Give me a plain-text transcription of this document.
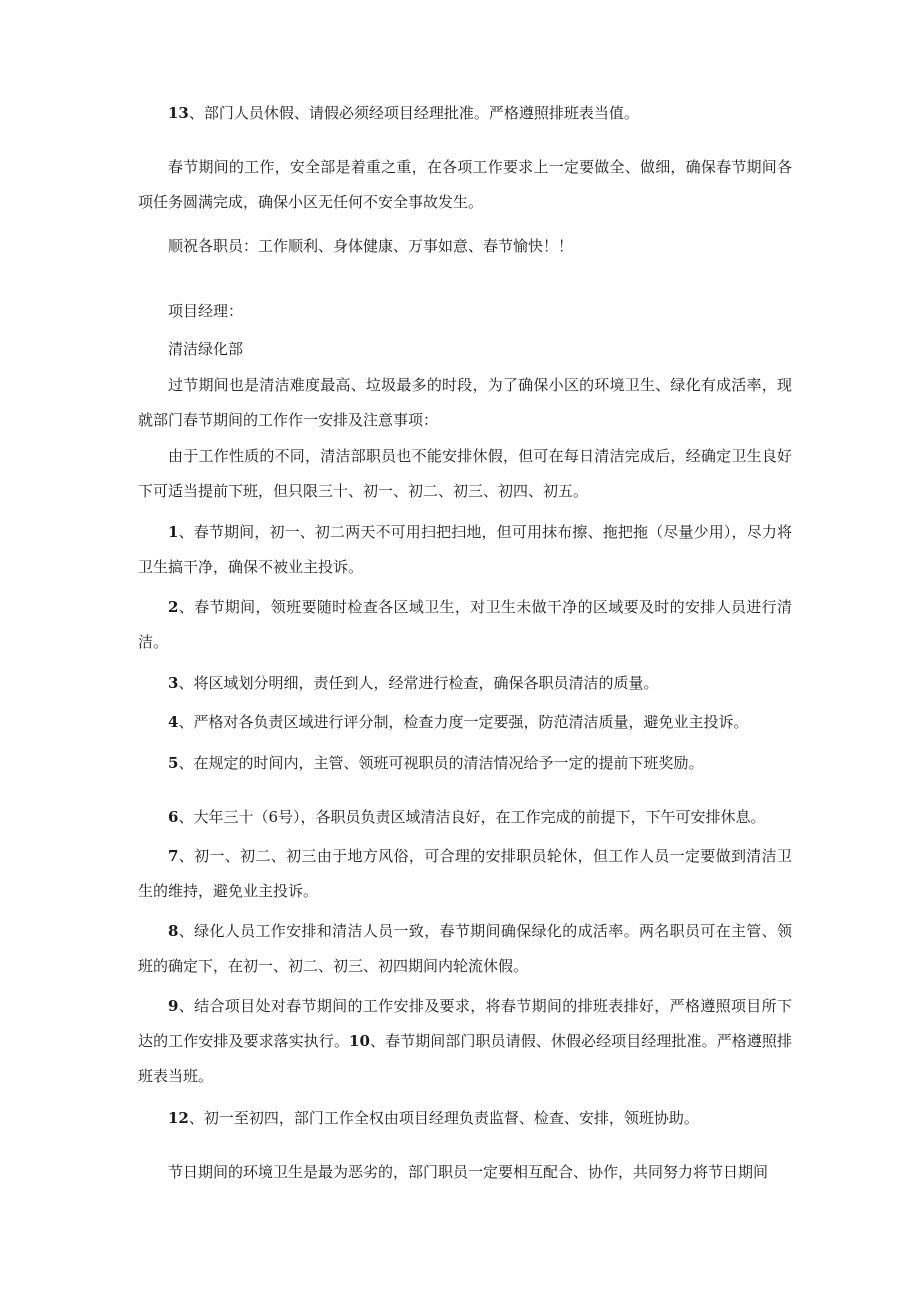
13、部门人员休假、请假必须经项目经理批准。严格遵照排班表当值。

春节期间的工作，安全部是着重之重，在各项工作要求上一定要做全、做细，确保春节期间各项任务圆满完成，确保小区无任何不安全事故发生。

顺祝各职员：工作顺利、身体健康、万事如意、春节愉快！！

项目经理：

清洁绿化部

过节期间也是清洁难度最高、垃圾最多的时段，为了确保小区的环境卫生、绿化有成活率，现就部门春节期间的工作作一安排及注意事项：

由于工作性质的不同，清洁部职员也不能安排休假，但可在每日清洁完成后，经确定卫生良好下可适当提前下班，但只限三十、初一、初二、初三、初四、初五。

1、春节期间，初一、初二两天不可用扫把扫地，但可用抹布擦、拖把拖（尽量少用），尽力将卫生搞干净，确保不被业主投诉。

2、春节期间，领班要随时检查各区域卫生，对卫生未做干净的区域要及时的安排人员进行清洁。

3、将区域划分明细，责任到人，经常进行检查，确保各职员清洁的质量。

4、严格对各负责区域进行评分制，检查力度一定要强，防范清洁质量，避免业主投诉。

5、在规定的时间内，主管、领班可视职员的清洁情况给予一定的提前下班奖励。

6、大年三十（6号），各职员负责区域清洁良好，在工作完成的前提下，下午可安排休息。

7、初一、初二、初三由于地方风俗，可合理的安排职员轮休，但工作人员一定要做到清洁卫生的维持，避免业主投诉。

8、绿化人员工作安排和清洁人员一致，春节期间确保绿化的成活率。两名职员可在主管、领班的确定下，在初一、初二、初三、初四期间内轮流休假。

9、结合项目处对春节期间的工作安排及要求，将春节期间的排班表排好，严格遵照项目所下达的工作安排及要求落实执行。10、春节期间部门职员请假、休假必经项目经理批准。严格遵照排班表当班。

12、初一至初四，部门工作全权由项目经理负责监督、检查、安排，领班协助。

节日期间的环境卫生是最为恶劣的，部门职员一定要相互配合、协作，共同努力将节日期间
